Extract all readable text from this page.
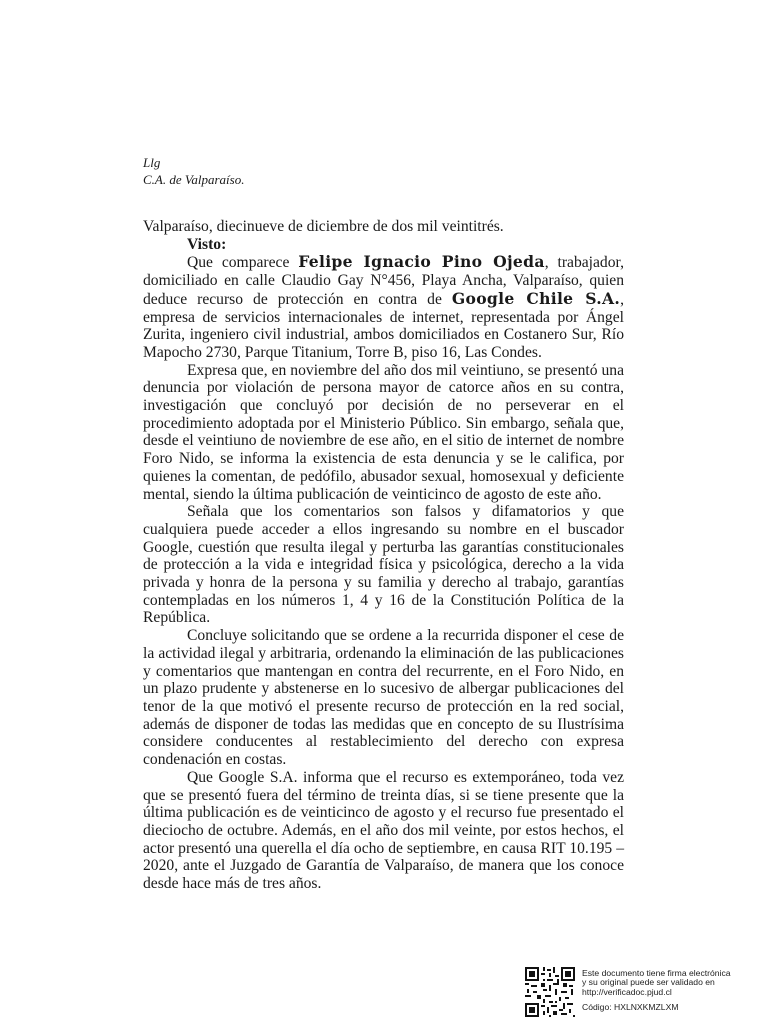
Llg
C.A. de Valparaíso.

Valparaíso, diecinueve de diciembre de dos mil veintitrés.

Visto:

Que comparece Felipe Ignacio Pino Ojeda, trabajador, domiciliado en calle Claudio Gay N°456, Playa Ancha, Valparaíso, quien deduce recurso de protección en contra de Google Chile S.A., empresa de servicios internacionales de internet, representada por Ángel Zurita, ingeniero civil industrial, ambos domiciliados en Costanero Sur, Río Mapocho 2730, Parque Titanium, Torre B, piso 16, Las Condes.

Expresa que, en noviembre del año dos mil veintiuno, se presentó una denuncia por violación de persona mayor de catorce años en su contra, investigación que concluyó por decisión de no perseverar en el procedimiento adoptada por el Ministerio Público. Sin embargo, señala que, desde el veintiuno de noviembre de ese año, en el sitio de internet de nombre Foro Nido, se informa la existencia de esta denuncia y se le califica, por quienes la comentan, de pedófilo, abusador sexual, homosexual y deficiente mental, siendo la última publicación de veinticinco de agosto de este año.

Señala que los comentarios son falsos y difamatorios y que cualquiera puede acceder a ellos ingresando su nombre en el buscador Google, cuestión que resulta ilegal y perturba las garantías constitucionales de protección a la vida e integridad física y psicológica, derecho a la vida privada y honra de la persona y su familia y derecho al trabajo, garantías contempladas en los números 1, 4 y 16 de la Constitución Política de la República.

Concluye solicitando que se ordene a la recurrida disponer el cese de la actividad ilegal y arbitraria, ordenando la eliminación de las publicaciones y comentarios que mantengan en contra del recurrente, en el Foro Nido, en un plazo prudente y abstenerse en lo sucesivo de albergar publicaciones del tenor de la que motivó el presente recurso de protección en la red social, además de disponer de todas las medidas que en concepto de su Ilustrísima considere conducentes al restablecimiento del derecho con expresa condenación en costas.

Que Google S.A. informa que el recurso es extemporáneo, toda vez que se presentó fuera del término de treinta días, si se tiene presente que la última publicación es de veinticinco de agosto y el recurso fue presentado el dieciocho de octubre. Además, en el año dos mil veinte, por estos hechos, el actor presentó una querella el día ocho de septiembre, en causa RIT 10.195 – 2020, ante el Juzgado de Garantía de Valparaíso, de manera que los conoce desde hace más de tres años.

Este documento tiene firma electrónica
y su original puede ser validado en
http://verificadoc.pjud.cl
Código: HXLNXKMZLXM
